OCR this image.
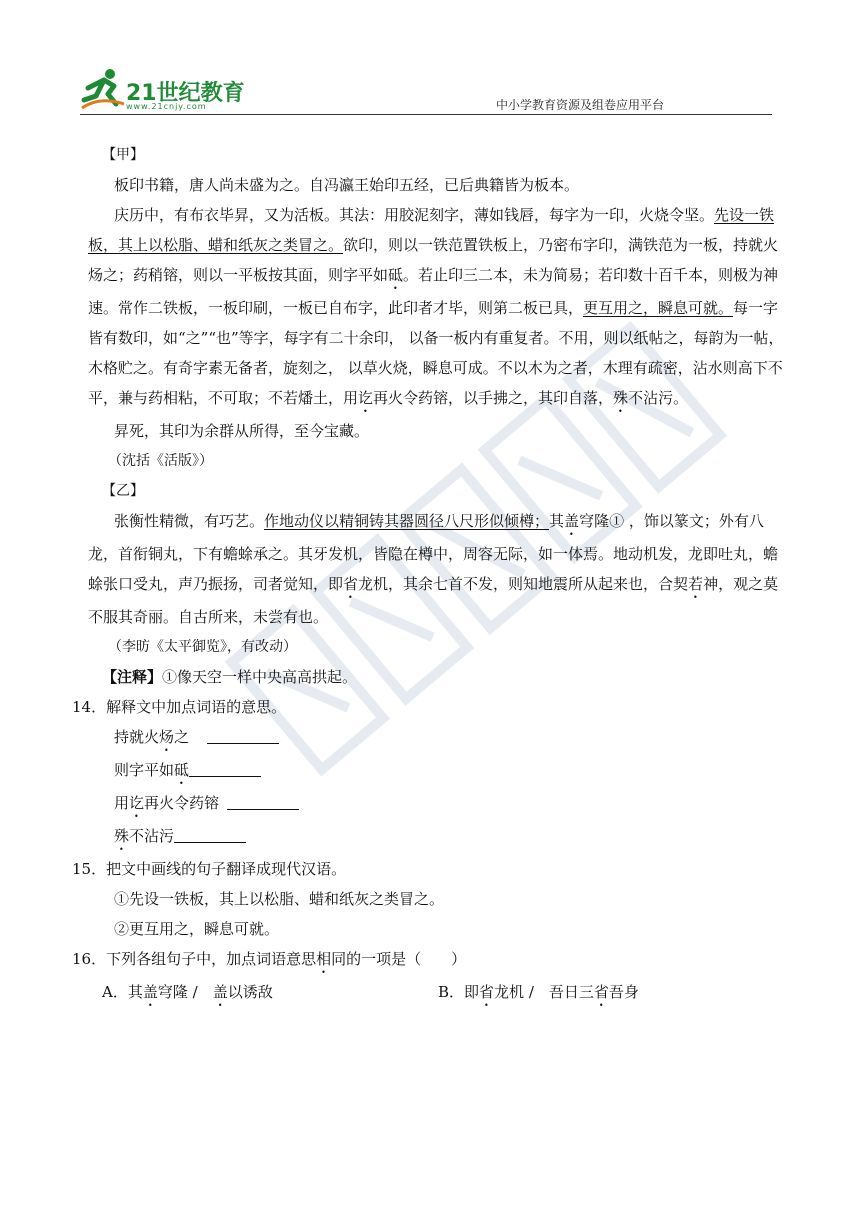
21世纪教育
www.21cnjy.com	中小学教育资源及组卷应用平台

【甲】

板印书籍，唐人尚未盛为之。自冯瀛王始印五经，已后典籍皆为板本。

庆历中，有布衣毕昇，又为活板。其法：用胶泥刻字，薄如钱唇，每字为一印，火烧令坚。先设一铁板，其上以松脂、蜡和纸灰之类冒之。欲印，则以一铁范置铁板上，乃密布字印，满铁范为一板，持就火炀之；药稍镕，则以一平板按其面，则字平如砥。若止印三二本，未为简易；若印数十百千本，则极为神速。常作二铁板，一板印刷，一板已自布字，此印者才毕，则第二板已具，更互用之，瞬息可就。每一字皆有数印，如“之”“也”等字，每字有二十余印， 以备一板内有重复者。不用，则以纸帖之，每韵为一帖，木格贮之。有奇字素无备者，旋刻之， 以草火烧，瞬息可成。不以木为之者，木理有疏密，沾水则高下不平，兼与药相粘，不可取；不若燔土，用讫再火令药镕，以手拂之，其印自落，殊不沾污。

昇死，其印为余群从所得，至今宝藏。

（沈括《活版》）

【乙】

张衡性精微，有巧艺。作地动仪以精铜铸其器圆径八尺形似倾樽；其盖穹隆① ，饰以篆文；外有八龙，首衔铜丸，下有蟾蜍承之。其牙发机，皆隐在樽中，周容无际，如一体焉。地动机发，龙即吐丸，蟾蜍张口受丸，声乃振扬，司者觉知，即省龙机，其余七首不发，则知地震所从起来也，合契若神，观之莫不服其奇丽。自古所来，未尝有也。

（李昉《太平御览》，有改动）

【注释】①像天空一样中央高高拱起。

14．解释文中加点词语的意思。

持就火炀之

则字平如砥

用讫再火令药镕

殊不沾污

15．把文中画线的句子翻译成现代汉语。

①先设一铁板，其上以松脂、蜡和纸灰之类冒之。

②更互用之，瞬息可就。

16．下列各组句子中，加点词语意思相同的一项是（　　）

A．其盖穹隆 /　盖以诱敌	B．即省龙机 /　吾日三省吾身
